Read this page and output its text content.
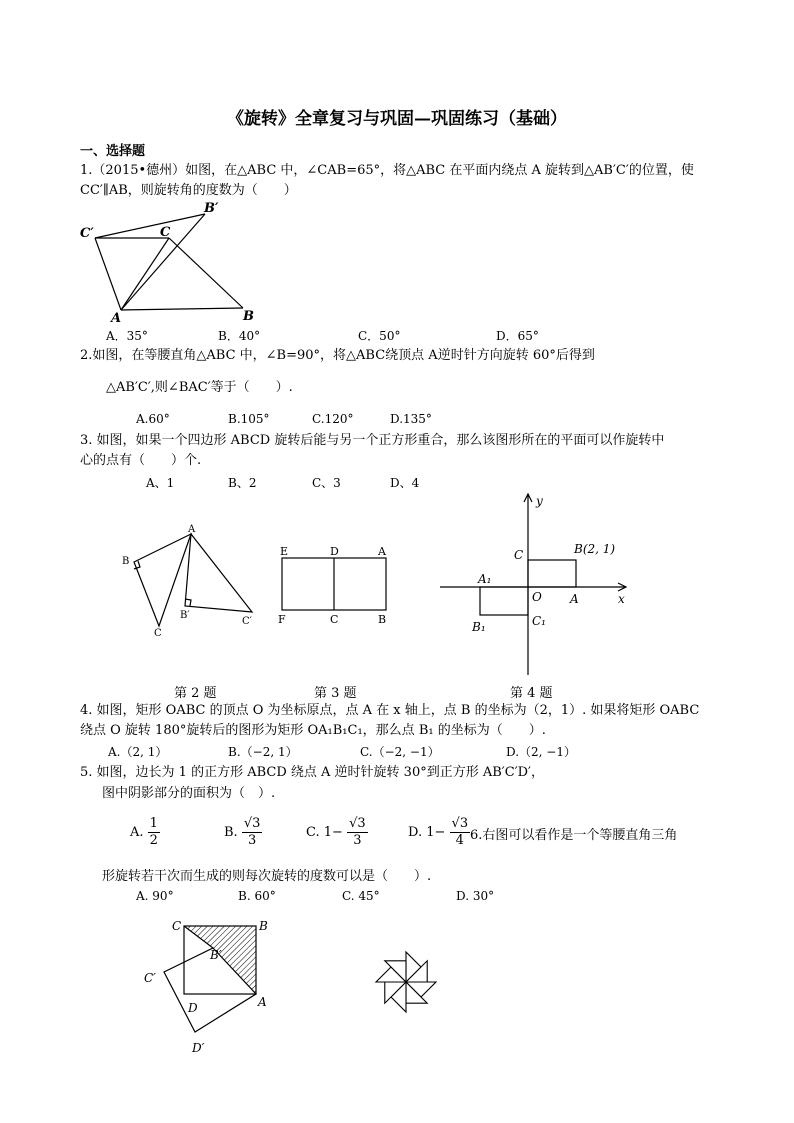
《旋转》全章复习与巩固—巩固练习（基础）
一、选择题
1.（2015•德州）如图，在△ABC 中，∠CAB=65°，将△ABC 在平面内绕点 A 旋转到△AB′C′的位置，使
CC′∥AB，则旋转角的度数为（　　）
B′
C′	C
A	B
A．35°	B．40°	C．50°	D．65°
2.如图，在等腰直角△ABC 中，∠B=90°，将△ABC绕顶点 A逆时针方向旋转 60°后得到
△AB′C′,则∠BAC′等于（　　）.
A.60°	B.105°	C.120°	D.135°
3. 如图，如果一个四边形 ABCD 旋转后能与另一个正方形重合，那么该图形所在的平面可以作旋转中
心的点有（　　）个.
A、1	B、2	C、3	D、4
A
B
C
B′
C′
E	D	A
F	C	B
y
x
C	B(2, 1)
A₁
O A
B₁	C₁
第 2 题	第 3 题	第 4 题
4. 如图，矩形 OABC 的顶点 O 为坐标原点，点 A 在 x 轴上，点 B 的坐标为（2，1）. 如果将矩形 OABC
绕点 O 旋转 180°旋转后的图形为矩形 OA₁B₁C₁，那么点 B₁ 的坐标为（　　）.
A.（2, 1）	B.（−2, 1）	C.（−2, −1）	D.（2, −1）
5. 如图，边长为 1 的正方形 ABCD 绕点 A 逆时针旋转 30°到正方形 AB′C′D′，
图中阴影部分的面积为（　）.
A. $\frac{1}{2}$	B. $\frac{√3}{3}$	C. $1- \frac{√3}{3}$	D. $1- \frac{√3}{4} 6$.右图可以看作是一个等腰直角三角
形旋转若干次而生成的则每次旋转的度数可以是（　　）.
A. 90°	B. 60°	C. 45°	D. 30°
C	B
B′
C′
D	A
D′
